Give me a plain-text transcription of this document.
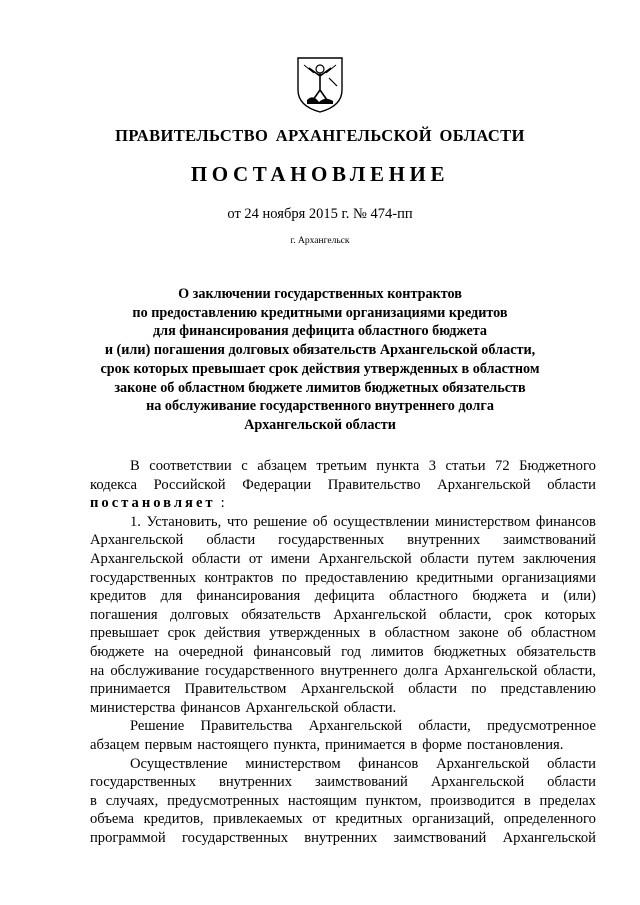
ПРАВИТЕЛЬСТВО АРХАНГЕЛЬСКОЙ ОБЛАСТИ
ПОСТАНОВЛЕНИЕ
от 24 ноября 2015 г. № 474-пп
г. Архангельск
О заключении государственных контрактов
по предоставлению кредитными организациями кредитов
для финансирования дефицита областного бюджета
и (или) погашения долговых обязательств Архангельской области,
срок которых превышает срок действия утвержденных в областном
законе об областном бюджете лимитов бюджетных обязательств
на обслуживание государственного внутреннего долга
Архангельской области
В соответствии с абзацем третьим пункта 3 статьи 72 Бюджетного
кодекса Российской Федерации Правительство Архангельской области
постановляет :
1. Установить, что решение об осуществлении министерством финансов
Архангельской области государственных внутренних заимствований
Архангельской области от имени Архангельской области путем заключения
государственных контрактов по предоставлению кредитными организациями
кредитов для финансирования дефицита областного бюджета и (или)
погашения долговых обязательств Архангельской области, срок которых
превышает срок действия утвержденных в областном законе об областном
бюджете на очередной финансовый год лимитов бюджетных обязательств
на обслуживание государственного внутреннего долга Архангельской области,
принимается Правительством Архангельской области по представлению
министерства финансов Архангельской области.
Решение Правительства Архангельской области, предусмотренное
абзацем первым настоящего пункта, принимается в форме постановления.
Осуществление министерством финансов Архангельской области
государственных внутренних заимствований Архангельской области
в случаях, предусмотренных настоящим пунктом, производится в пределах
объема кредитов, привлекаемых от кредитных организаций, определенного
программой государственных внутренних заимствований Архангельской
